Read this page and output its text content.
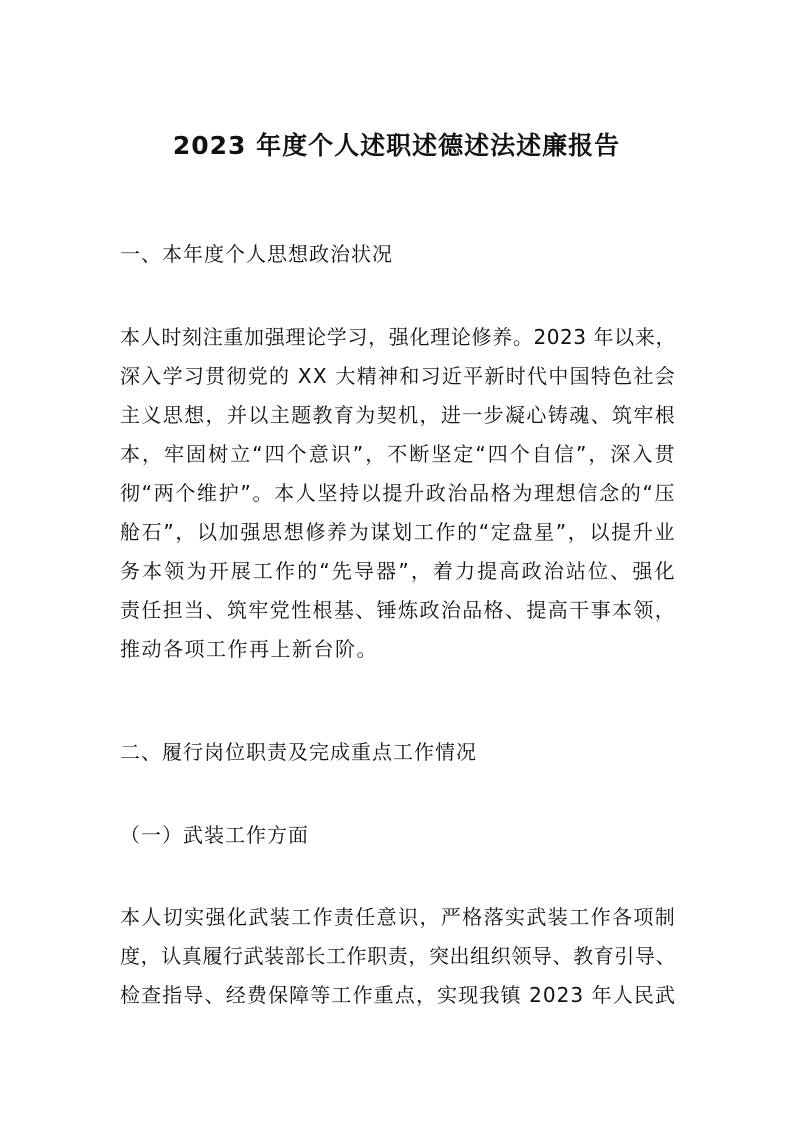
2023 年度个人述职述德述法述廉报告
一、本年度个人思想政治状况
本人时刻注重加强理论学习，强化理论修养。2023 年以来，
深入学习贯彻党的 XX 大精神和习近平新时代中国特色社会
主义思想，并以主题教育为契机，进一步凝心铸魂、筑牢根
本，牢固树立“四个意识”，不断坚定“四个自信”，深入贯
彻“两个维护”。本人坚持以提升政治品格为理想信念的“压
舱石”，以加强思想修养为谋划工作的“定盘星”，以提升业
务本领为开展工作的“先导器”，着力提高政治站位、强化
责任担当、筑牢党性根基、锤炼政治品格、提高干事本领，
推动各项工作再上新台阶。
二、履行岗位职责及完成重点工作情况
（一）武装工作方面
本人切实强化武装工作责任意识，严格落实武装工作各项制
度，认真履行武装部长工作职责，突出组织领导、教育引导、
检查指导、经费保障等工作重点，实现我镇 2023 年人民武
